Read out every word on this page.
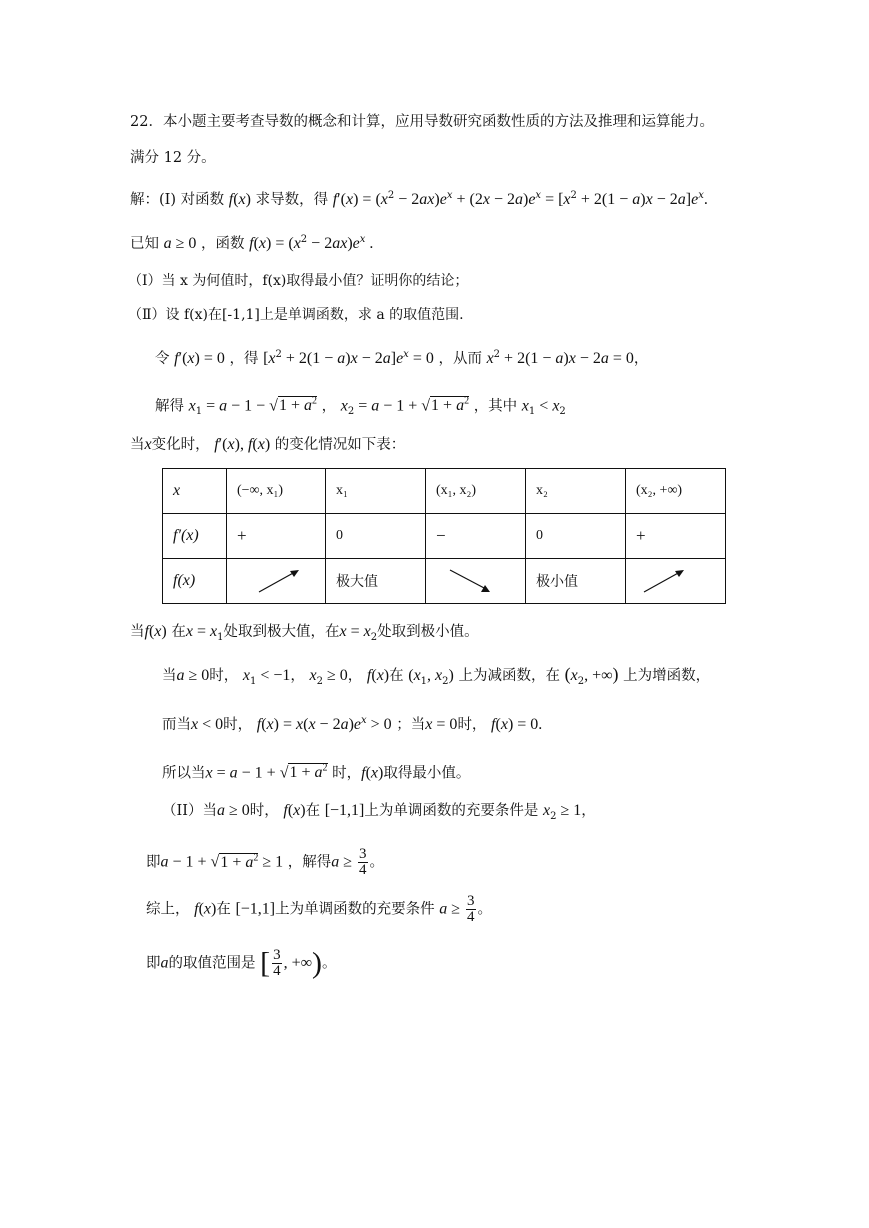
22．本小题主要考查导数的概念和计算，应用导数研究函数性质的方法及推理和运算能力。
满分 12 分。
解：(I) 对函数 f(x) 求导数，得 $f'(x) = (x^2 - 2ax)e^x + (2x - 2a)e^x = [x^2 + 2(1 - a)x - 2a]e^x$.
已知 a ≥ 0 ，函数 $f(x) = (x^2 - 2ax)e^x$ .
（Ⅰ）当 x 为何值时，f(x)取得最小值？证明你的结论；
（Ⅱ）设 f(x)在[-1,1]上是单调函数，求 a 的取值范围.
令 f′(x) = 0 ，得 $[x^2 + 2(1 - a)x - 2a]e^x = 0$ ，从而 $x^2 + 2(1 - a)x - 2a = 0$，
解得 $x_1 = a - 1 - √1 + a^2$ ， $x_2 = a - 1 + √1 + a^2$ ，其中 $x_1 < x_2$
当x变化时， f′(x), f(x) 的变化情况如下表：
x	(−∞, x₁)	x₁	(x₁, x₂)	x₂	(x₂, +∞)
f′(x)	+	0	−	0	+
f(x)		极大值		极小值	
当f(x) 在$x = x_1$处取到极大值，在$x = x_2$处取到极小值。
当a ≥ 0时， $x_1 < -1$， $x_2 \ge 0$， f(x)在 ($x_1$, $x_2$) 上为减函数，在 ($x_2$, +∞) 上为增函数，
而当x < 0时， $f(x) = x(x - 2a)e^x > 0$ ；当x = 0时， f(x) = 0.
所以当$x = a - 1 + √1 + a^2$ 时，f(x)取得最小值。
（II）当a ≥ 0时， f(x)在 [−1,1]上为单调函数的充要条件是 $x_2 \ge 1$，
即$a - 1 + √1 + a^2 \ge 1$ ，解得$a \ge \frac{3}{4}$ 。
综上， f(x)在 [−1,1]上为单调函数的充要条件 $a \ge \frac{3}{4}$ 。
即a的取值范围是 [ $\frac{3}{4}$ , +∞)。
